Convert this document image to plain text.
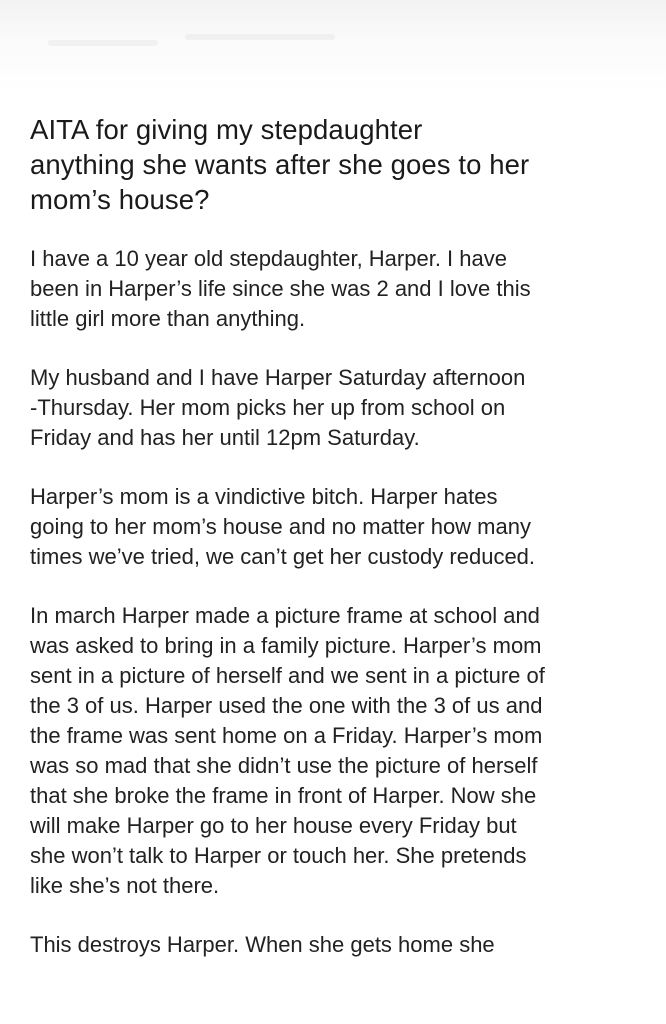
AITA for giving my stepdaughter
anything she wants after she goes to her
mom’s house?

I have a 10 year old stepdaughter, Harper. I have
been in Harper’s life since she was 2 and I love this
little girl more than anything.

My husband and I have Harper Saturday afternoon
-Thursday. Her mom picks her up from school on
Friday and has her until 12pm Saturday.

Harper’s mom is a vindictive bitch. Harper hates
going to her mom’s house and no matter how many
times we’ve tried, we can’t get her custody reduced.

In march Harper made a picture frame at school and
was asked to bring in a family picture. Harper’s mom
sent in a picture of herself and we sent in a picture of
the 3 of us. Harper used the one with the 3 of us and
the frame was sent home on a Friday. Harper’s mom
was so mad that she didn’t use the picture of herself
that she broke the frame in front of Harper. Now she
will make Harper go to her house every Friday but
she won’t talk to Harper or touch her. She pretends
like she’s not there.

This destroys Harper. When she gets home she
